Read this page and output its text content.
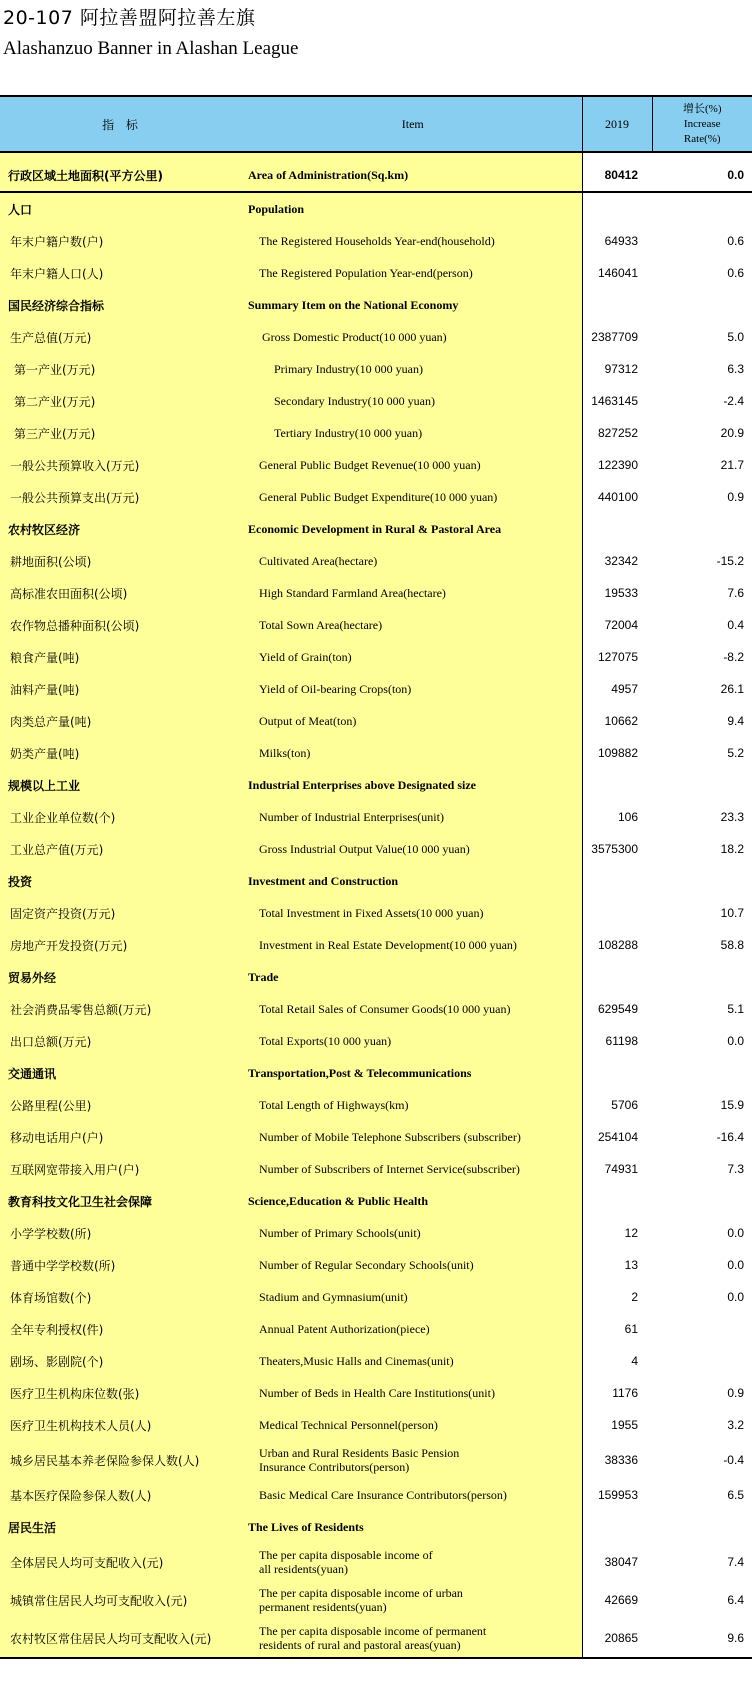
20-107 阿拉善盟阿拉善左旗
Alashanzuo Banner in Alashan League
指 标	Item	2019	增长(%)
Increase
Rate(%)

行政区域土地面积(平方公里)	Area of Administration(Sq.km)	80412	0.0
人口	Population		
年末户籍户数(户)	The Registered Households Year-end(household)	64933	0.6
年末户籍人口(人)	The Registered Population Year-end(person)	146041	0.6
国民经济综合指标	Summary Item on the National Economy		
生产总值(万元)	Gross Domestic Product(10 000 yuan)	2387709	5.0
第一产业(万元)	Primary Industry(10 000 yuan)	97312	6.3
第二产业(万元)	Secondary Industry(10 000 yuan)	1463145	-2.4
第三产业(万元)	Tertiary Industry(10 000 yuan)	827252	20.9
一般公共预算收入(万元)	General Public Budget Revenue(10 000 yuan)	122390	21.7
一般公共预算支出(万元)	General Public Budget Expenditure(10 000 yuan)	440100	0.9
农村牧区经济	Economic Development in Rural & Pastoral Area		
耕地面积(公顷)	Cultivated Area(hectare)	32342	-15.2
高标准农田面积(公顷)	High Standard Farmland Area(hectare)	19533	7.6
农作物总播种面积(公顷)	Total Sown Area(hectare)	72004	0.4
粮食产量(吨)	Yield of Grain(ton)	127075	-8.2
油料产量(吨)	Yield of Oil-bearing Crops(ton)	4957	26.1
肉类总产量(吨)	Output of Meat(ton)	10662	9.4
奶类产量(吨)	Milks(ton)	109882	5.2
规模以上工业	Industrial Enterprises above Designated size		
工业企业单位数(个)	Number of Industrial Enterprises(unit)	106	23.3
工业总产值(万元)	Gross Industrial Output Value(10 000 yuan)	3575300	18.2
投资	Investment and Construction		
固定资产投资(万元)	Total Investment in Fixed Assets(10 000 yuan)		10.7
房地产开发投资(万元)	Investment in Real Estate Development(10 000 yuan)	108288	58.8
贸易外经	Trade		
社会消费品零售总额(万元)	Total Retail Sales of Consumer Goods(10 000 yuan)	629549	5.1
出口总额(万元)	Total Exports(10 000 yuan)	61198	0.0
交通通讯	Transportation,Post & Telecommunications		
公路里程(公里)	Total Length of Highways(km)	5706	15.9
移动电话用户(户)	Number of Mobile Telephone Subscribers (subscriber)	254104	-16.4
互联网宽带接入用户(户)	Number of Subscribers of Internet Service(subscriber)	74931	7.3
教育科技文化卫生社会保障	Science,Education & Public Health		
小学学校数(所)	Number of Primary Schools(unit)	12	0.0
普通中学学校数(所)	Number of Regular Secondary Schools(unit)	13	0.0
体育场馆数(个)	Stadium and Gymnasium(unit)	2	0.0
全年专利授权(件)	Annual Patent Authorization(piece)	61	
剧场、影剧院(个)	Theaters,Music Halls and Cinemas(unit)	4	
医疗卫生机构床位数(张)	Number of Beds in Health Care Institutions(unit)	1176	0.9
医疗卫生机构技术人员(人)	Medical Technical Personnel(person)	1955	3.2
城乡居民基本养老保险参保人数(人)	Urban and Rural Residents Basic Pension
Insurance Contributors(person)	38336	-0.4
基本医疗保险参保人数(人)	Basic Medical Care Insurance Contributors(person)	159953	6.5
居民生活	The Lives of Residents		
全体居民人均可支配收入(元)	The per capita disposable income of
all residents(yuan)	38047	7.4
城镇常住居民人均可支配收入(元)	The per capita disposable income of urban
permanent residents(yuan)	42669	6.4
农村牧区常住居民人均可支配收入(元)	The per capita disposable income of permanent
residents of rural and pastoral areas(yuan)	20865	9.6
